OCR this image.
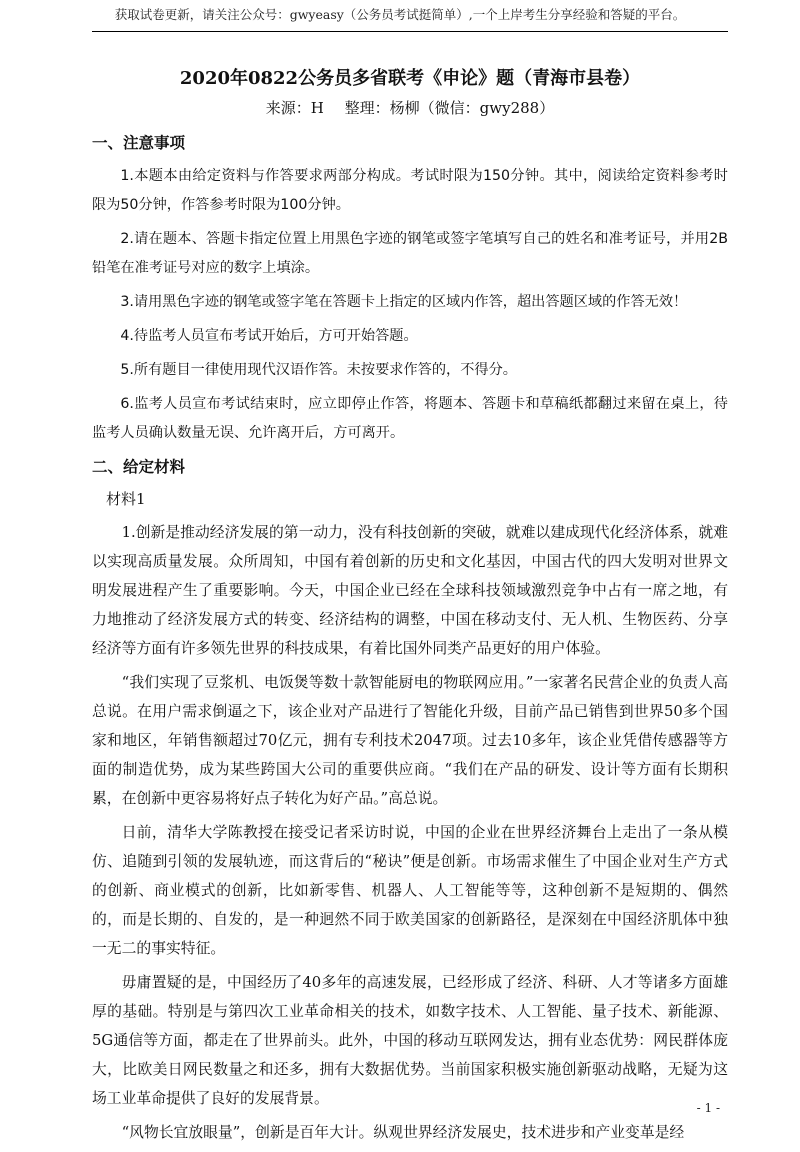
获取试卷更新，请关注公众号：gwyeasy（公务员考试挺简单）,一个上岸考生分享经验和答疑的平台。
2020年0822公务员多省联考《申论》题（青海市县卷）
来源：H 整理：杨柳（微信：gwy288）
一、注意事项
1.本题本由给定资料与作答要求两部分构成。考试时限为150分钟。其中，阅读给定资料参考时限为50分钟，作答参考时限为100分钟。
2.请在题本、答题卡指定位置上用黑色字迹的钢笔或签字笔填写自己的姓名和准考证号，并用2B铅笔在准考证号对应的数字上填涂。
3.请用黑色字迹的钢笔或签字笔在答题卡上指定的区域内作答，超出答题区域的作答无效！
4.待监考人员宣布考试开始后，方可开始答题。
5.所有题目一律使用现代汉语作答。未按要求作答的，不得分。
6.监考人员宣布考试结束时，应立即停止作答，将题本、答题卡和草稿纸都翻过来留在桌上，待监考人员确认数量无误、允许离开后，方可离开。
二、给定材料
材料1
1.创新是推动经济发展的第一动力，没有科技创新的突破，就难以建成现代化经济体系，就难以实现高质量发展。众所周知，中国有着创新的历史和文化基因，中国古代的四大发明对世界文明发展进程产生了重要影响。今天，中国企业已经在全球科技领域激烈竞争中占有一席之地，有力地推动了经济发展方式的转变、经济结构的调整，中国在移动支付、无人机、生物医药、分享经济等方面有许多领先世界的科技成果，有着比国外同类产品更好的用户体验。
“我们实现了豆浆机、电饭煲等数十款智能厨电的物联网应用。”一家著名民营企业的负责人高总说。在用户需求倒逼之下，该企业对产品进行了智能化升级，目前产品已销售到世界50多个国家和地区，年销售额超过70亿元，拥有专利技术2047项。过去10多年，该企业凭借传感器等方面的制造优势，成为某些跨国大公司的重要供应商。“我们在产品的研发、设计等方面有长期积累，在创新中更容易将好点子转化为好产品。”高总说。
日前，清华大学陈教授在接受记者采访时说，中国的企业在世界经济舞台上走出了一条从模仿、追随到引领的发展轨迹，而这背后的“秘诀”便是创新。市场需求催生了中国企业对生产方式的创新、商业模式的创新，比如新零售、机器人、人工智能等等，这种创新不是短期的、偶然的，而是长期的、自发的，是一种迥然不同于欧美国家的创新路径，是深刻在中国经济肌体中独一无二的事实特征。
毋庸置疑的是，中国经历了40多年的高速发展，已经形成了经济、科研、人才等诸多方面雄厚的基础。特别是与第四次工业革命相关的技术，如数字技术、人工智能、量子技术、新能源、5G通信等方面，都走在了世界前头。此外，中国的移动互联网发达，拥有业态优势：网民群体庞大，比欧美日网民数量之和还多，拥有大数据优势。当前国家积极实施创新驱动战略，无疑为这场工业革命提供了良好的发展背景。
“风物长宜放眼量”，创新是百年大计。纵观世界经济发展史，技术进步和产业变革是经
- 1 -
